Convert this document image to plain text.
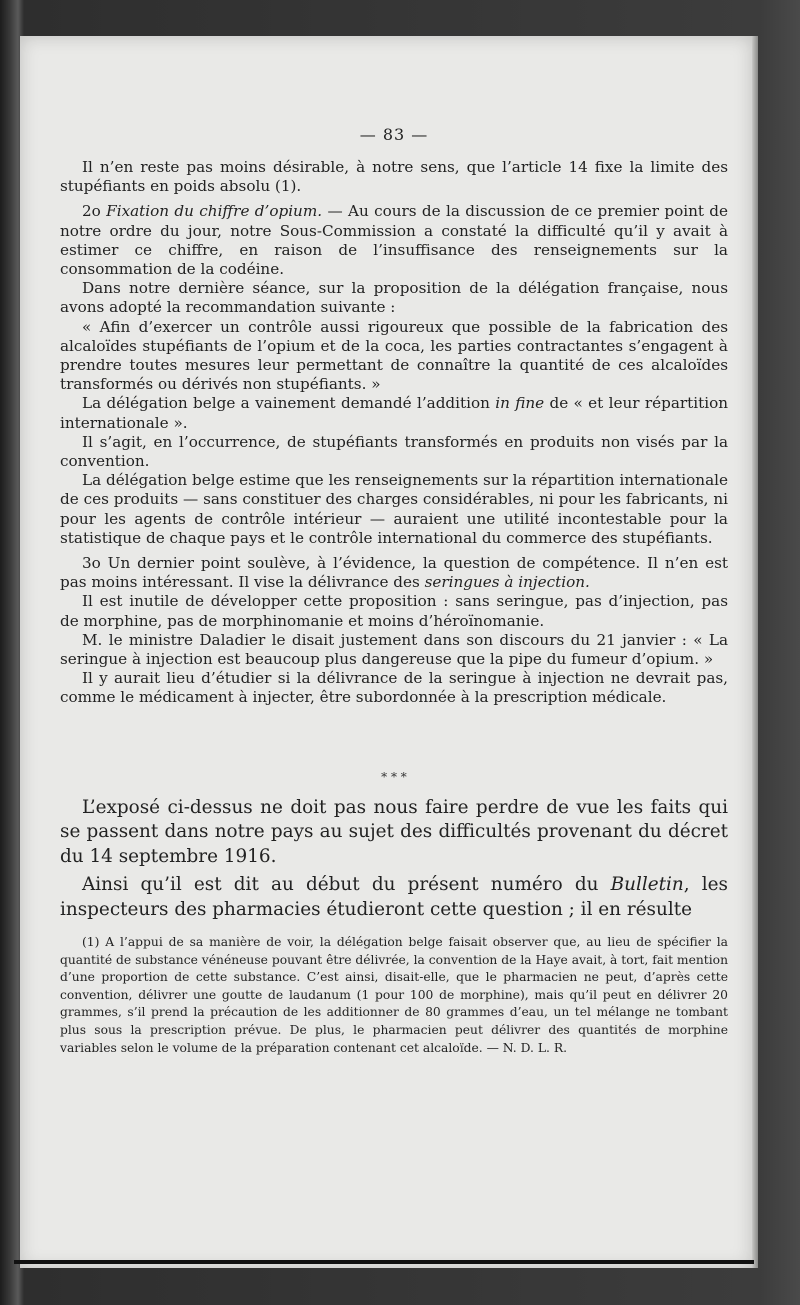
— 83 —

Il n’en reste pas moins désirable, à notre sens, que l’article 14 fixe la limite des stupéfiants en poids absolu (1).

2o Fixation du chiffre d’opium. — Au cours de la discussion de ce premier point de notre ordre du jour, notre Sous-Commission a constaté la difficulté qu’il y avait à estimer ce chiffre, en raison de l’insuffisance des renseignements sur la consommation de la codéine.

Dans notre dernière séance, sur la proposition de la délégation française, nous avons adopté la recommandation suivante :

« Afin d’exercer un contrôle aussi rigoureux que possible de la fabrication des alcaloïdes stupéfiants de l’opium et de la coca, les parties contractantes s’engagent à prendre toutes mesures leur permettant de connaître la quantité de ces alcaloïdes transformés ou dérivés non stupéfiants. »

La délégation belge a vainement demandé l’addition in fine de « et leur répartition internationale ».

Il s’agit, en l’occurrence, de stupéfiants transformés en produits non visés par la convention.

La délégation belge estime que les renseignements sur la répartition internationale de ces produits — sans constituer des charges considérables, ni pour les fabricants, ni pour les agents de contrôle intérieur — auraient une utilité incontestable pour la statistique de chaque pays et le contrôle international du commerce des stupéfiants.

3o Un dernier point soulève, à l’évidence, la question de compétence. Il n’en est pas moins intéressant. Il vise la délivrance des seringues à injection.

Il est inutile de développer cette proposition : sans seringue, pas d’injection, pas de morphine, pas de morphinomanie et moins d’héroïnomanie.

M. le ministre Daladier le disait justement dans son discours du 21 janvier : « La seringue à injection est beaucoup plus dangereuse que la pipe du fumeur d’opium. »

Il y aurait lieu d’étudier si la délivrance de la seringue à injection ne devrait pas, comme le médicament à injecter, être subordonnée à la prescription médicale.

* * *

L’exposé ci-dessus ne doit pas nous faire perdre de vue les faits qui se passent dans notre pays au sujet des difficultés provenant du décret du 14 septembre 1916.

Ainsi qu’il est dit au début du présent numéro du Bulletin, les inspecteurs des pharmacies étudieront cette question ; il en résulte

(1) A l’appui de sa manière de voir, la délégation belge faisait observer que, au lieu de spécifier la quantité de substance vénéneuse pouvant être délivrée, la convention de la Haye avait, à tort, fait mention d’une proportion de cette substance. C’est ainsi, disait-elle, que le pharmacien ne peut, d’après cette convention, délivrer une goutte de laudanum (1 pour 100 de morphine), mais qu’il peut en délivrer 20 grammes, s’il prend la précaution de les additionner de 80 grammes d’eau, un tel mélange ne tombant plus sous la prescription prévue. De plus, le pharmacien peut délivrer des quantités de morphine variables selon le volume de la préparation contenant cet alcaloïde. — N. D. L. R.
